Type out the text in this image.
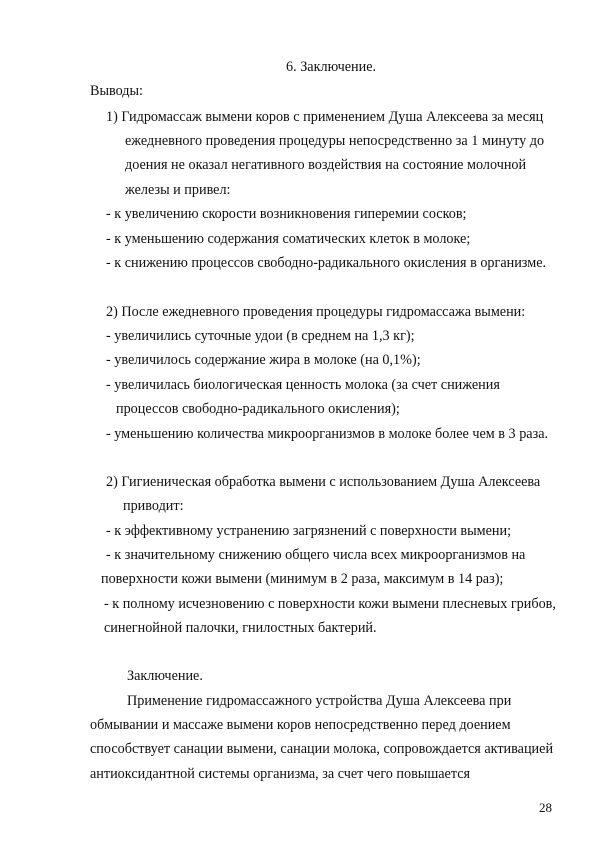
6. Заключение.
Выводы:
1) Гидромассаж вымени коров с применением Душа Алексеева за месяц
ежедневного проведения процедуры непосредственно за 1 минуту до
доения не оказал негативного воздействия на состояние молочной
железы и привел:
- к увеличению скорости возникновения гиперемии сосков;
- к уменьшению содержания соматических клеток в молоке;
- к снижению процессов свободно-радикального окисления в организме.
2) После ежедневного проведения процедуры гидромассажа вымени:
- увеличились суточные удои (в среднем на 1,3 кг);
- увеличилось содержание жира в молоке (на 0,1%);
- увеличилась биологическая ценность молока (за счет снижения
процессов свободно-радикального окисления);
- уменьшению количества микроорганизмов в молоке более чем в 3 раза.
2) Гигиеническая обработка вымени с использованием Душа Алексеева
приводит:
- к эффективному устранению загрязнений с поверхности вымени;
- к значительному снижению общего числа всех микроорганизмов на
поверхности кожи вымени (минимум в 2 раза, максимум в 14 раз);
- к полному исчезновению с поверхности кожи вымени плесневых грибов,
синегнойной палочки, гнилостных бактерий.
Заключение.
Применение гидромассажного устройства Душа Алексеева при
обмывании и массаже вымени коров непосредственно перед доением
способствует санации вымени, санации молока, сопровождается активацией
антиоксидантной системы организма, за счет чего повышается
28
